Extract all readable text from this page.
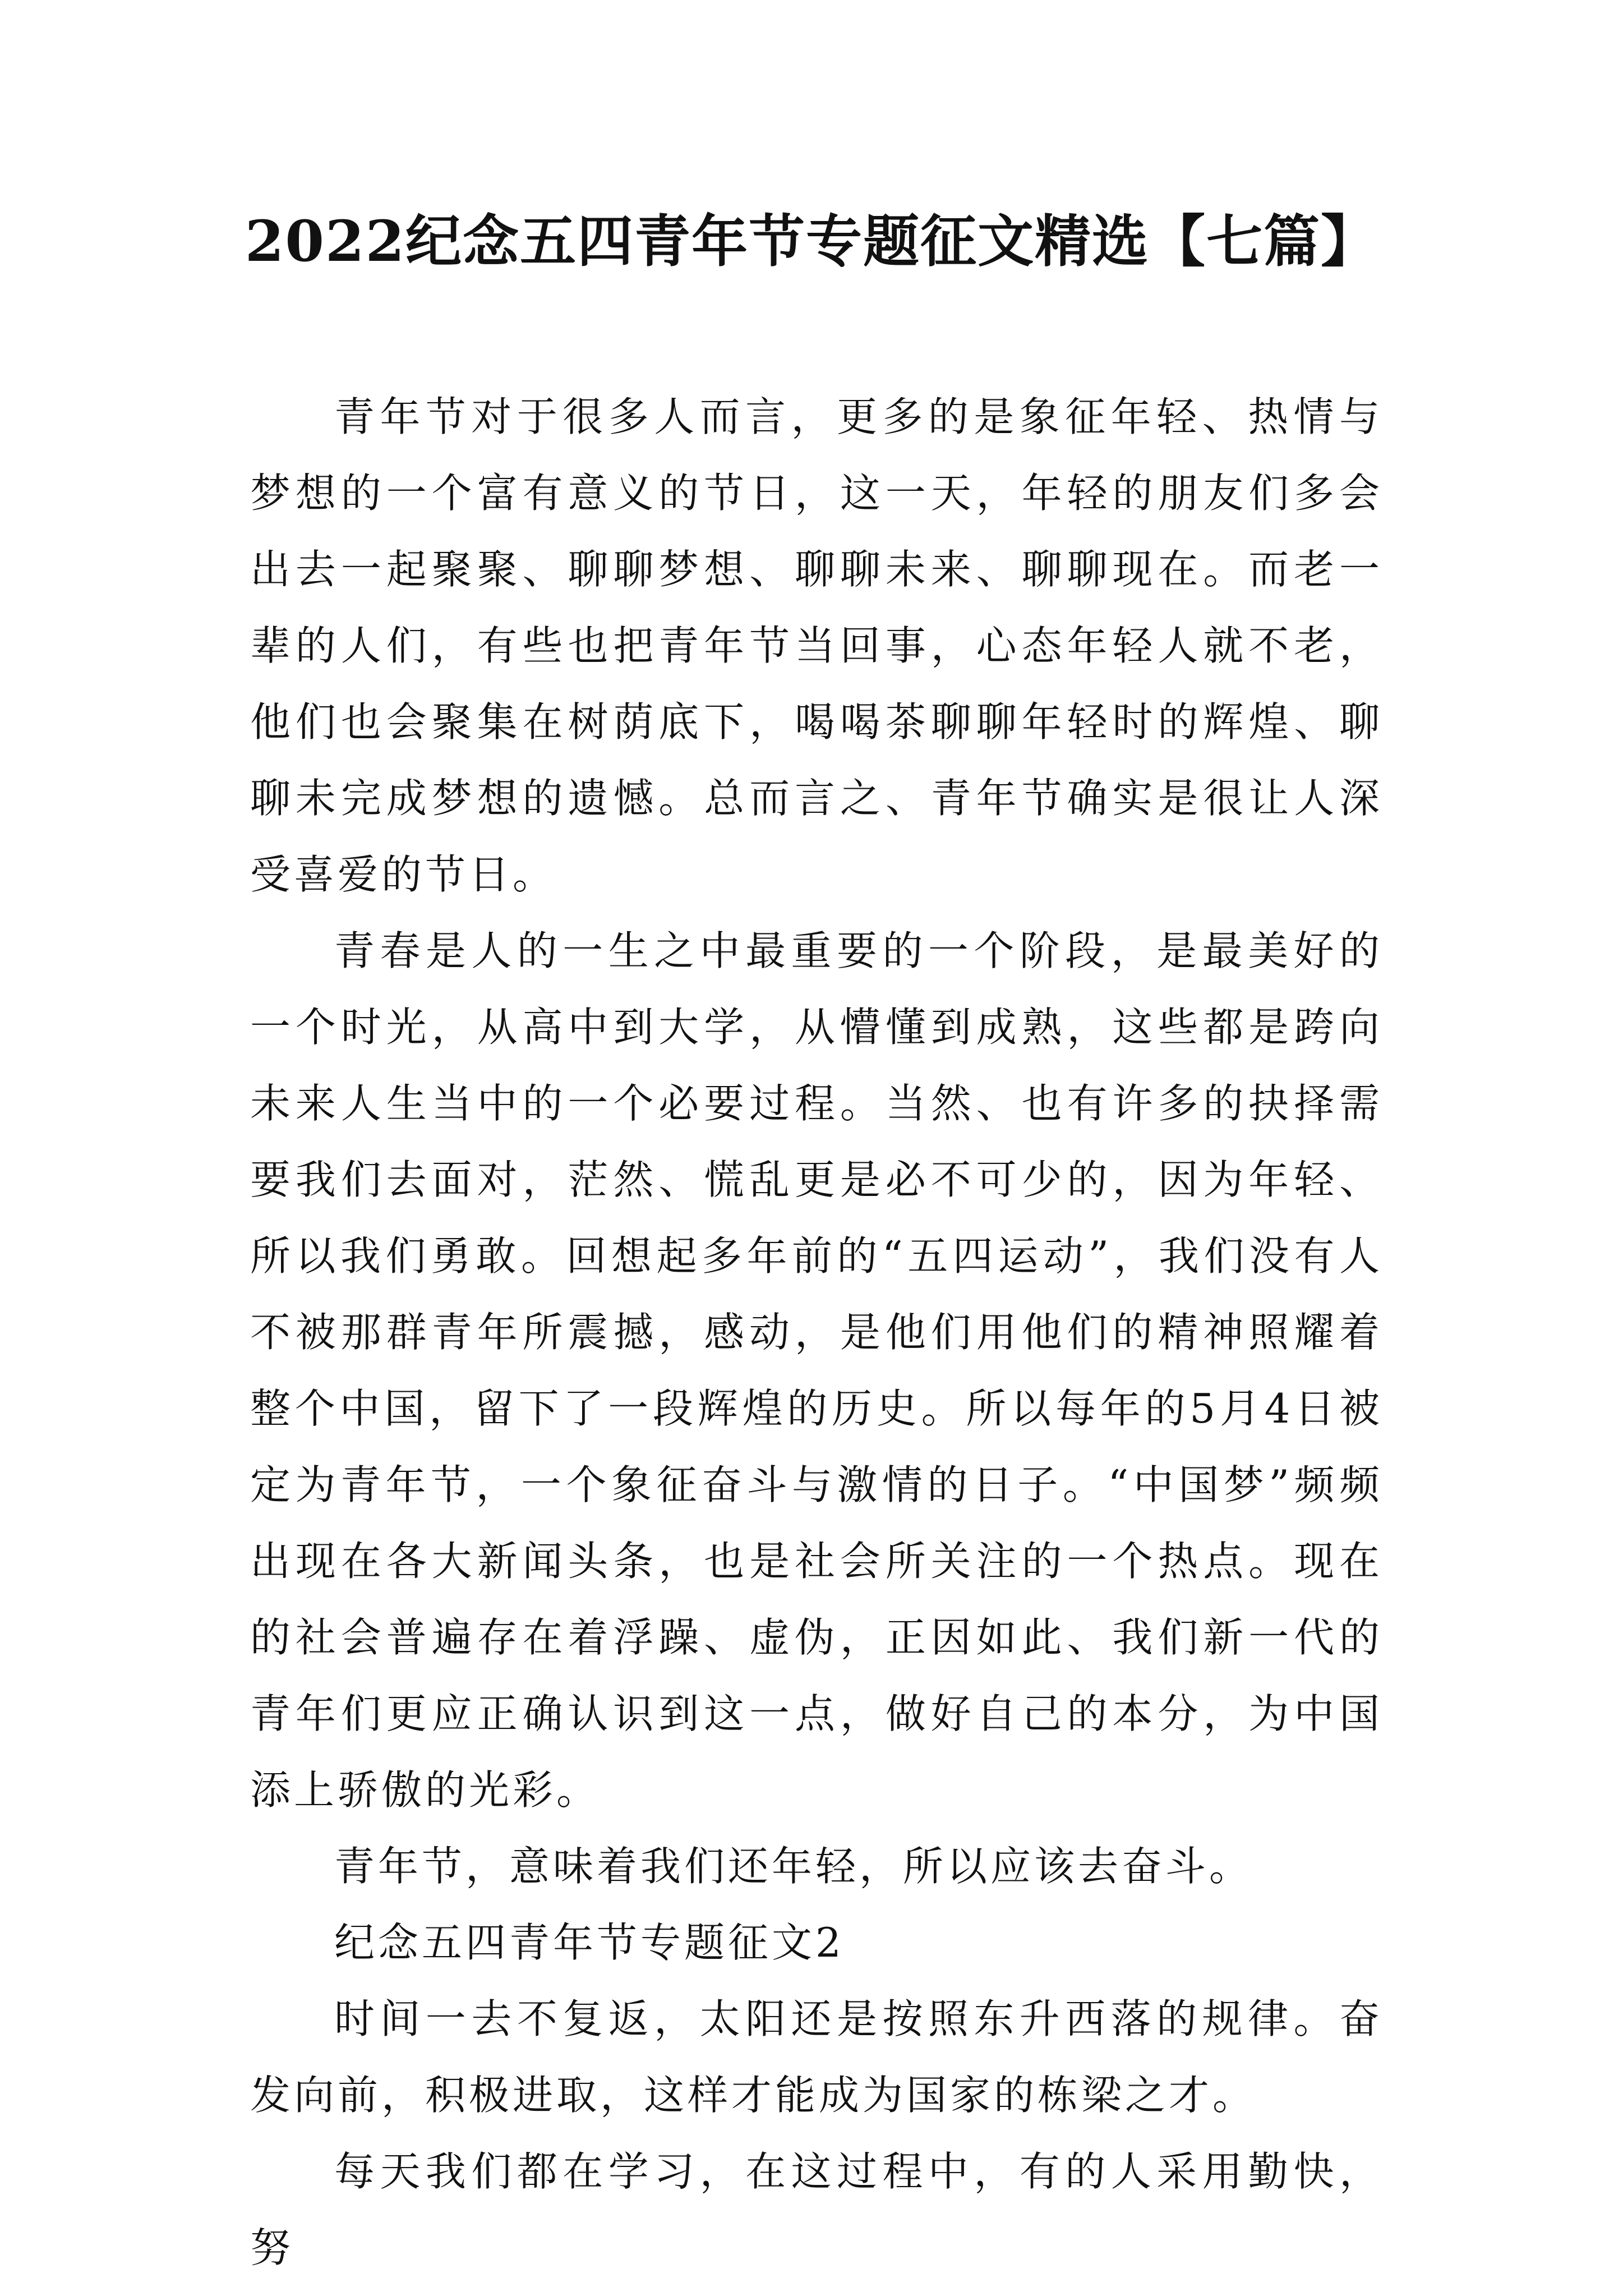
2022纪念五四青年节专题征文精选【七篇】

青年节对于很多人而言，更多的是象征年轻、热情与梦想的一个富有意义的节日，这一天，年轻的朋友们多会出去一起聚聚、聊聊梦想、聊聊未来、聊聊现在。而老一辈的人们，有些也把青年节当回事，心态年轻人就不老，他们也会聚集在树荫底下，喝喝茶聊聊年轻时的辉煌、聊聊未完成梦想的遗憾。总而言之、青年节确实是很让人深受喜爱的节日。

青春是人的一生之中最重要的一个阶段，是最美好的一个时光，从高中到大学，从懵懂到成熟，这些都是跨向未来人生当中的一个必要过程。当然、也有许多的抉择需要我们去面对，茫然、慌乱更是必不可少的，因为年轻、所以我们勇敢。回想起多年前的“五四运动”，我们没有人不被那群青年所震撼，感动，是他们用他们的精神照耀着整个中国，留下了一段辉煌的历史。所以每年的5月4日被定为青年节，一个象征奋斗与激情的日子。“中国梦”频频出现在各大新闻头条，也是社会所关注的一个热点。现在的社会普遍存在着浮躁、虚伪，正因如此、我们新一代的青年们更应正确认识到这一点，做好自己的本分，为中国添上骄傲的光彩。

青年节，意味着我们还年轻，所以应该去奋斗。

纪念五四青年节专题征文2

时间一去不复返，太阳还是按照东升西落的规律。奋发向前，积极进取，这样才能成为国家的栋梁之才。

每天我们都在学习，在这过程中，有的人采用勤快，努
